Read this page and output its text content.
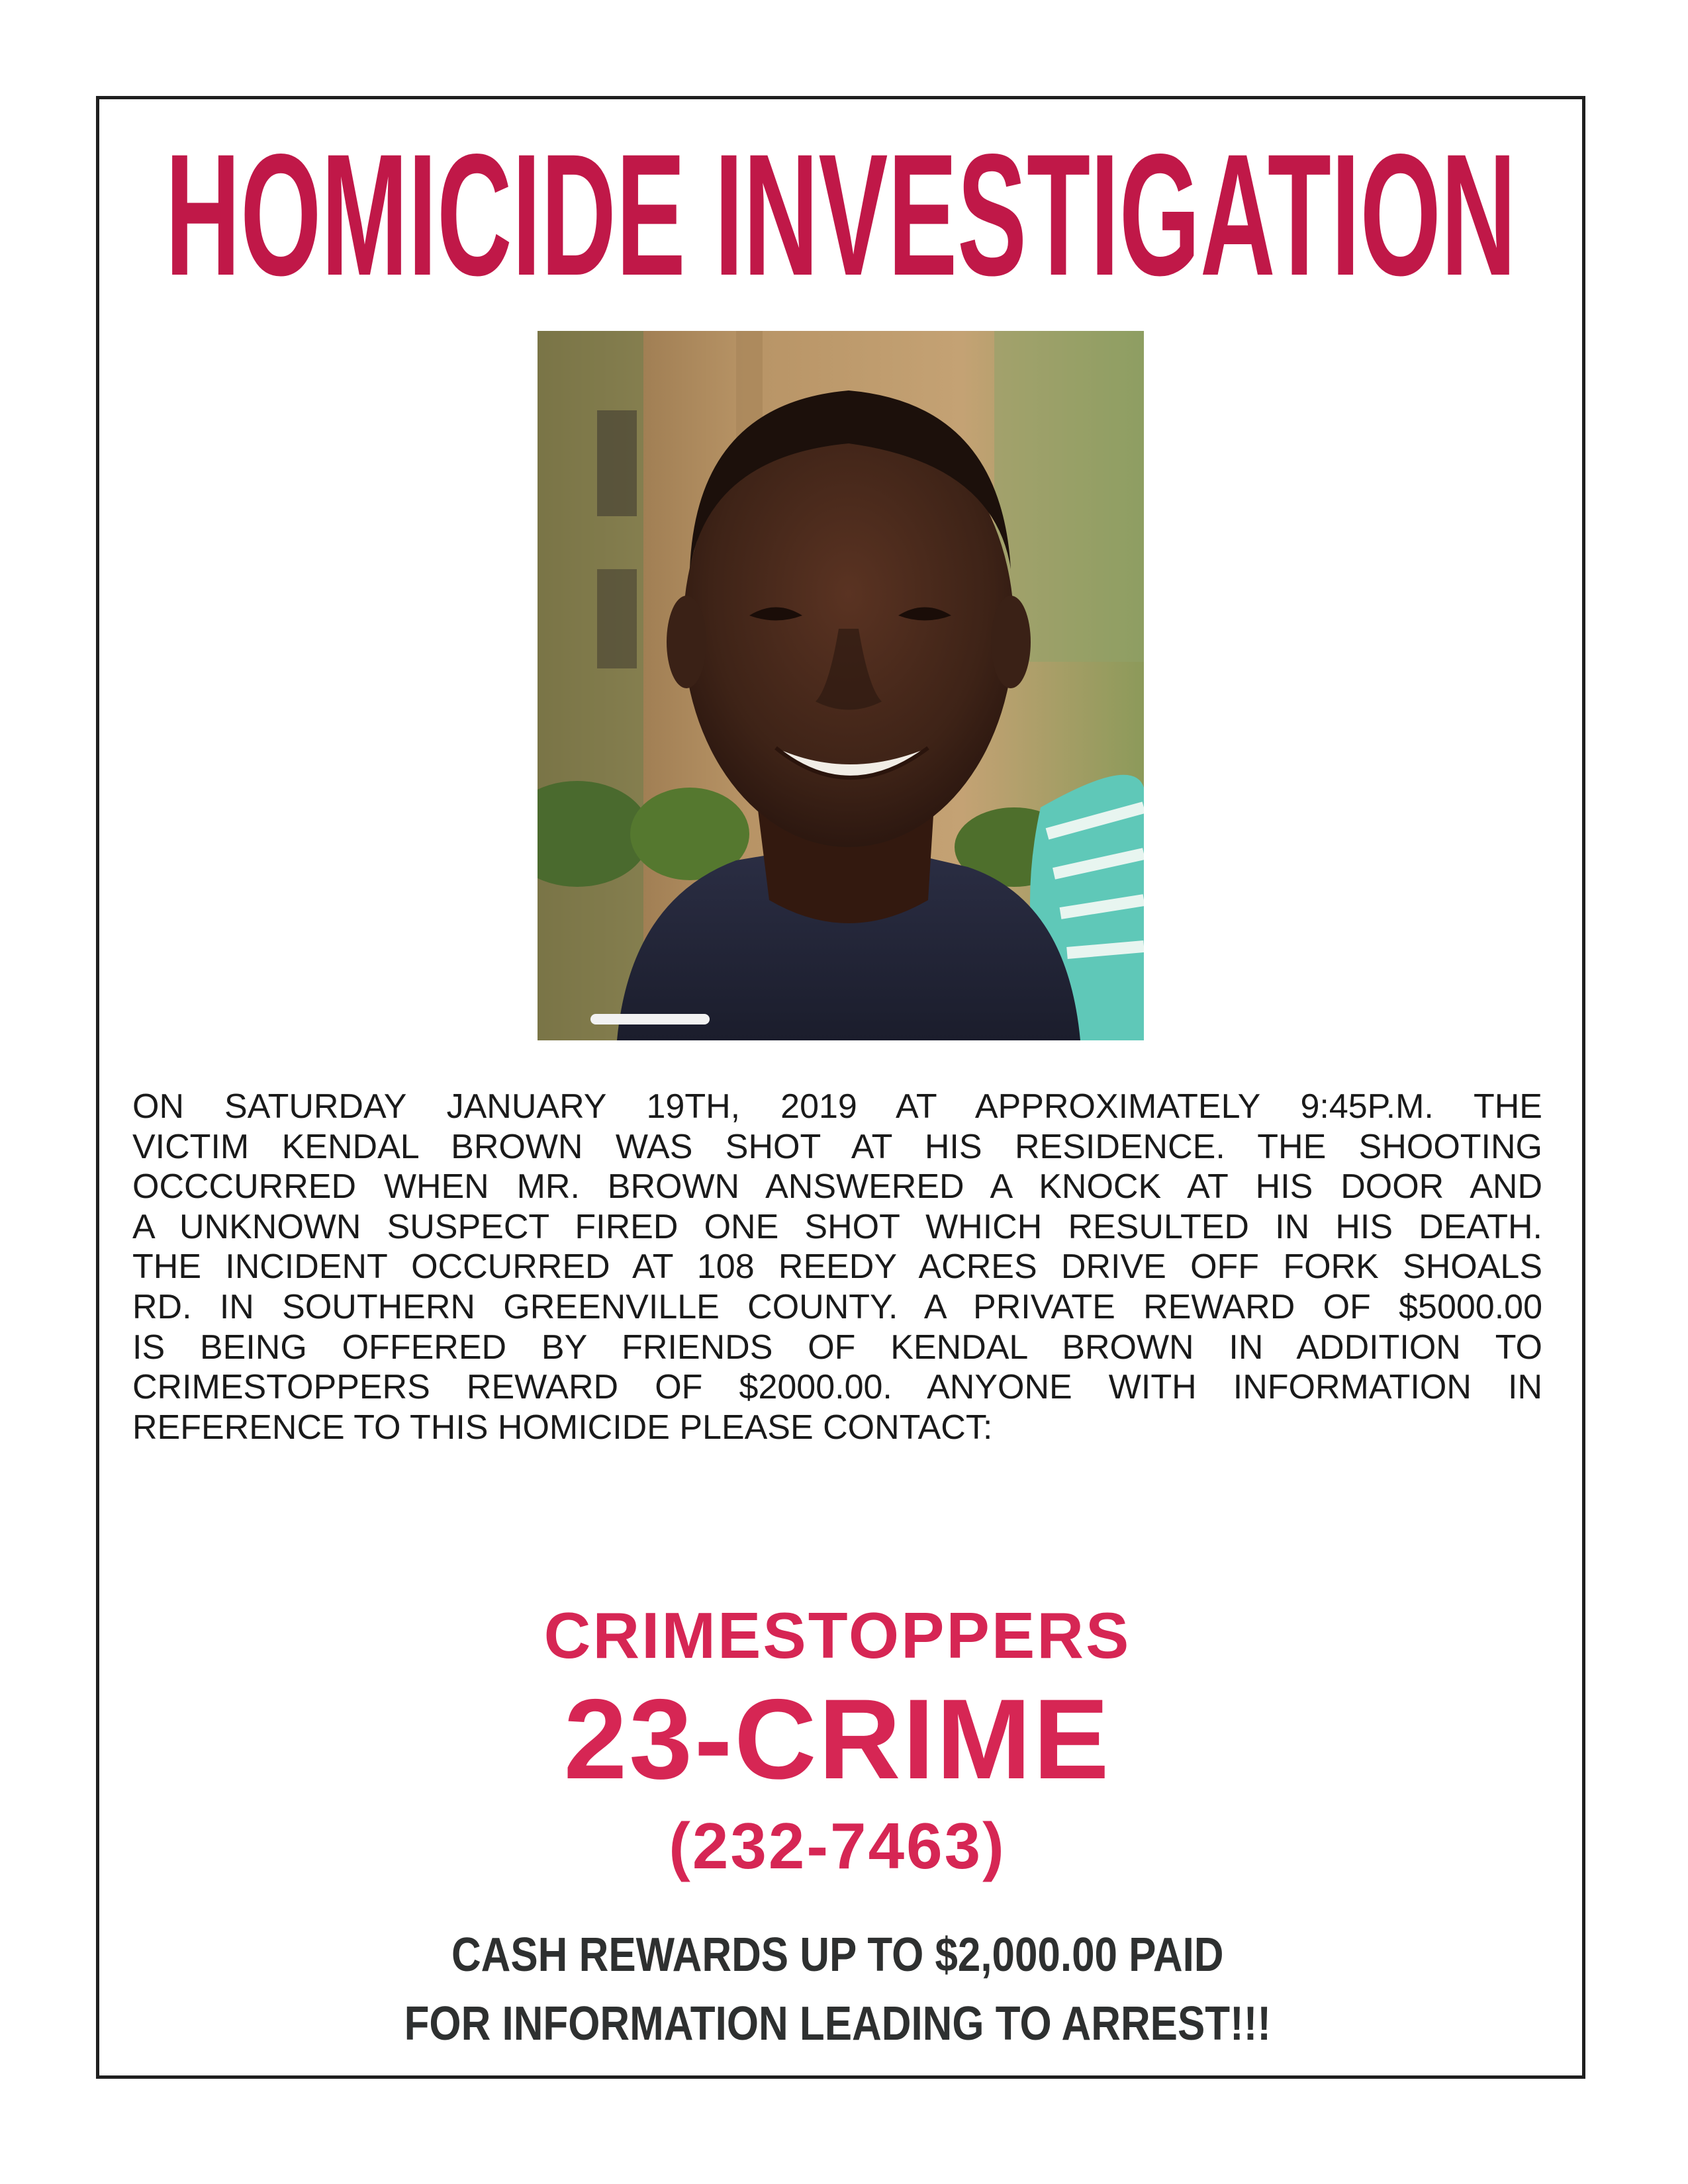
HOMICIDE INVESTIGATION
ON SATURDAY JANUARY 19TH, 2019 AT APPROXIMATELY 9:45P.M. THE
VICTIM KENDAL BROWN WAS SHOT AT HIS RESIDENCE. THE SHOOTING
OCCCURRED WHEN MR. BROWN ANSWERED A KNOCK AT HIS DOOR AND
A UNKNOWN SUSPECT FIRED ONE SHOT WHICH RESULTED IN HIS DEATH.
THE INCIDENT OCCURRED AT 108 REEDY ACRES DRIVE OFF FORK SHOALS
RD. IN SOUTHERN GREENVILLE COUNTY. A PRIVATE REWARD OF $5000.00
IS BEING OFFERED BY FRIENDS OF KENDAL BROWN IN ADDITION TO
CRIMESTOPPERS REWARD OF $2000.00. ANYONE WITH INFORMATION IN
REFERENCE TO THIS HOMICIDE PLEASE CONTACT:
CRIMESTOPPERS
23-CRIME
(232-7463)
CASH REWARDS UP TO $2,000.00 PAID
FOR INFORMATION LEADING TO ARREST!!!
